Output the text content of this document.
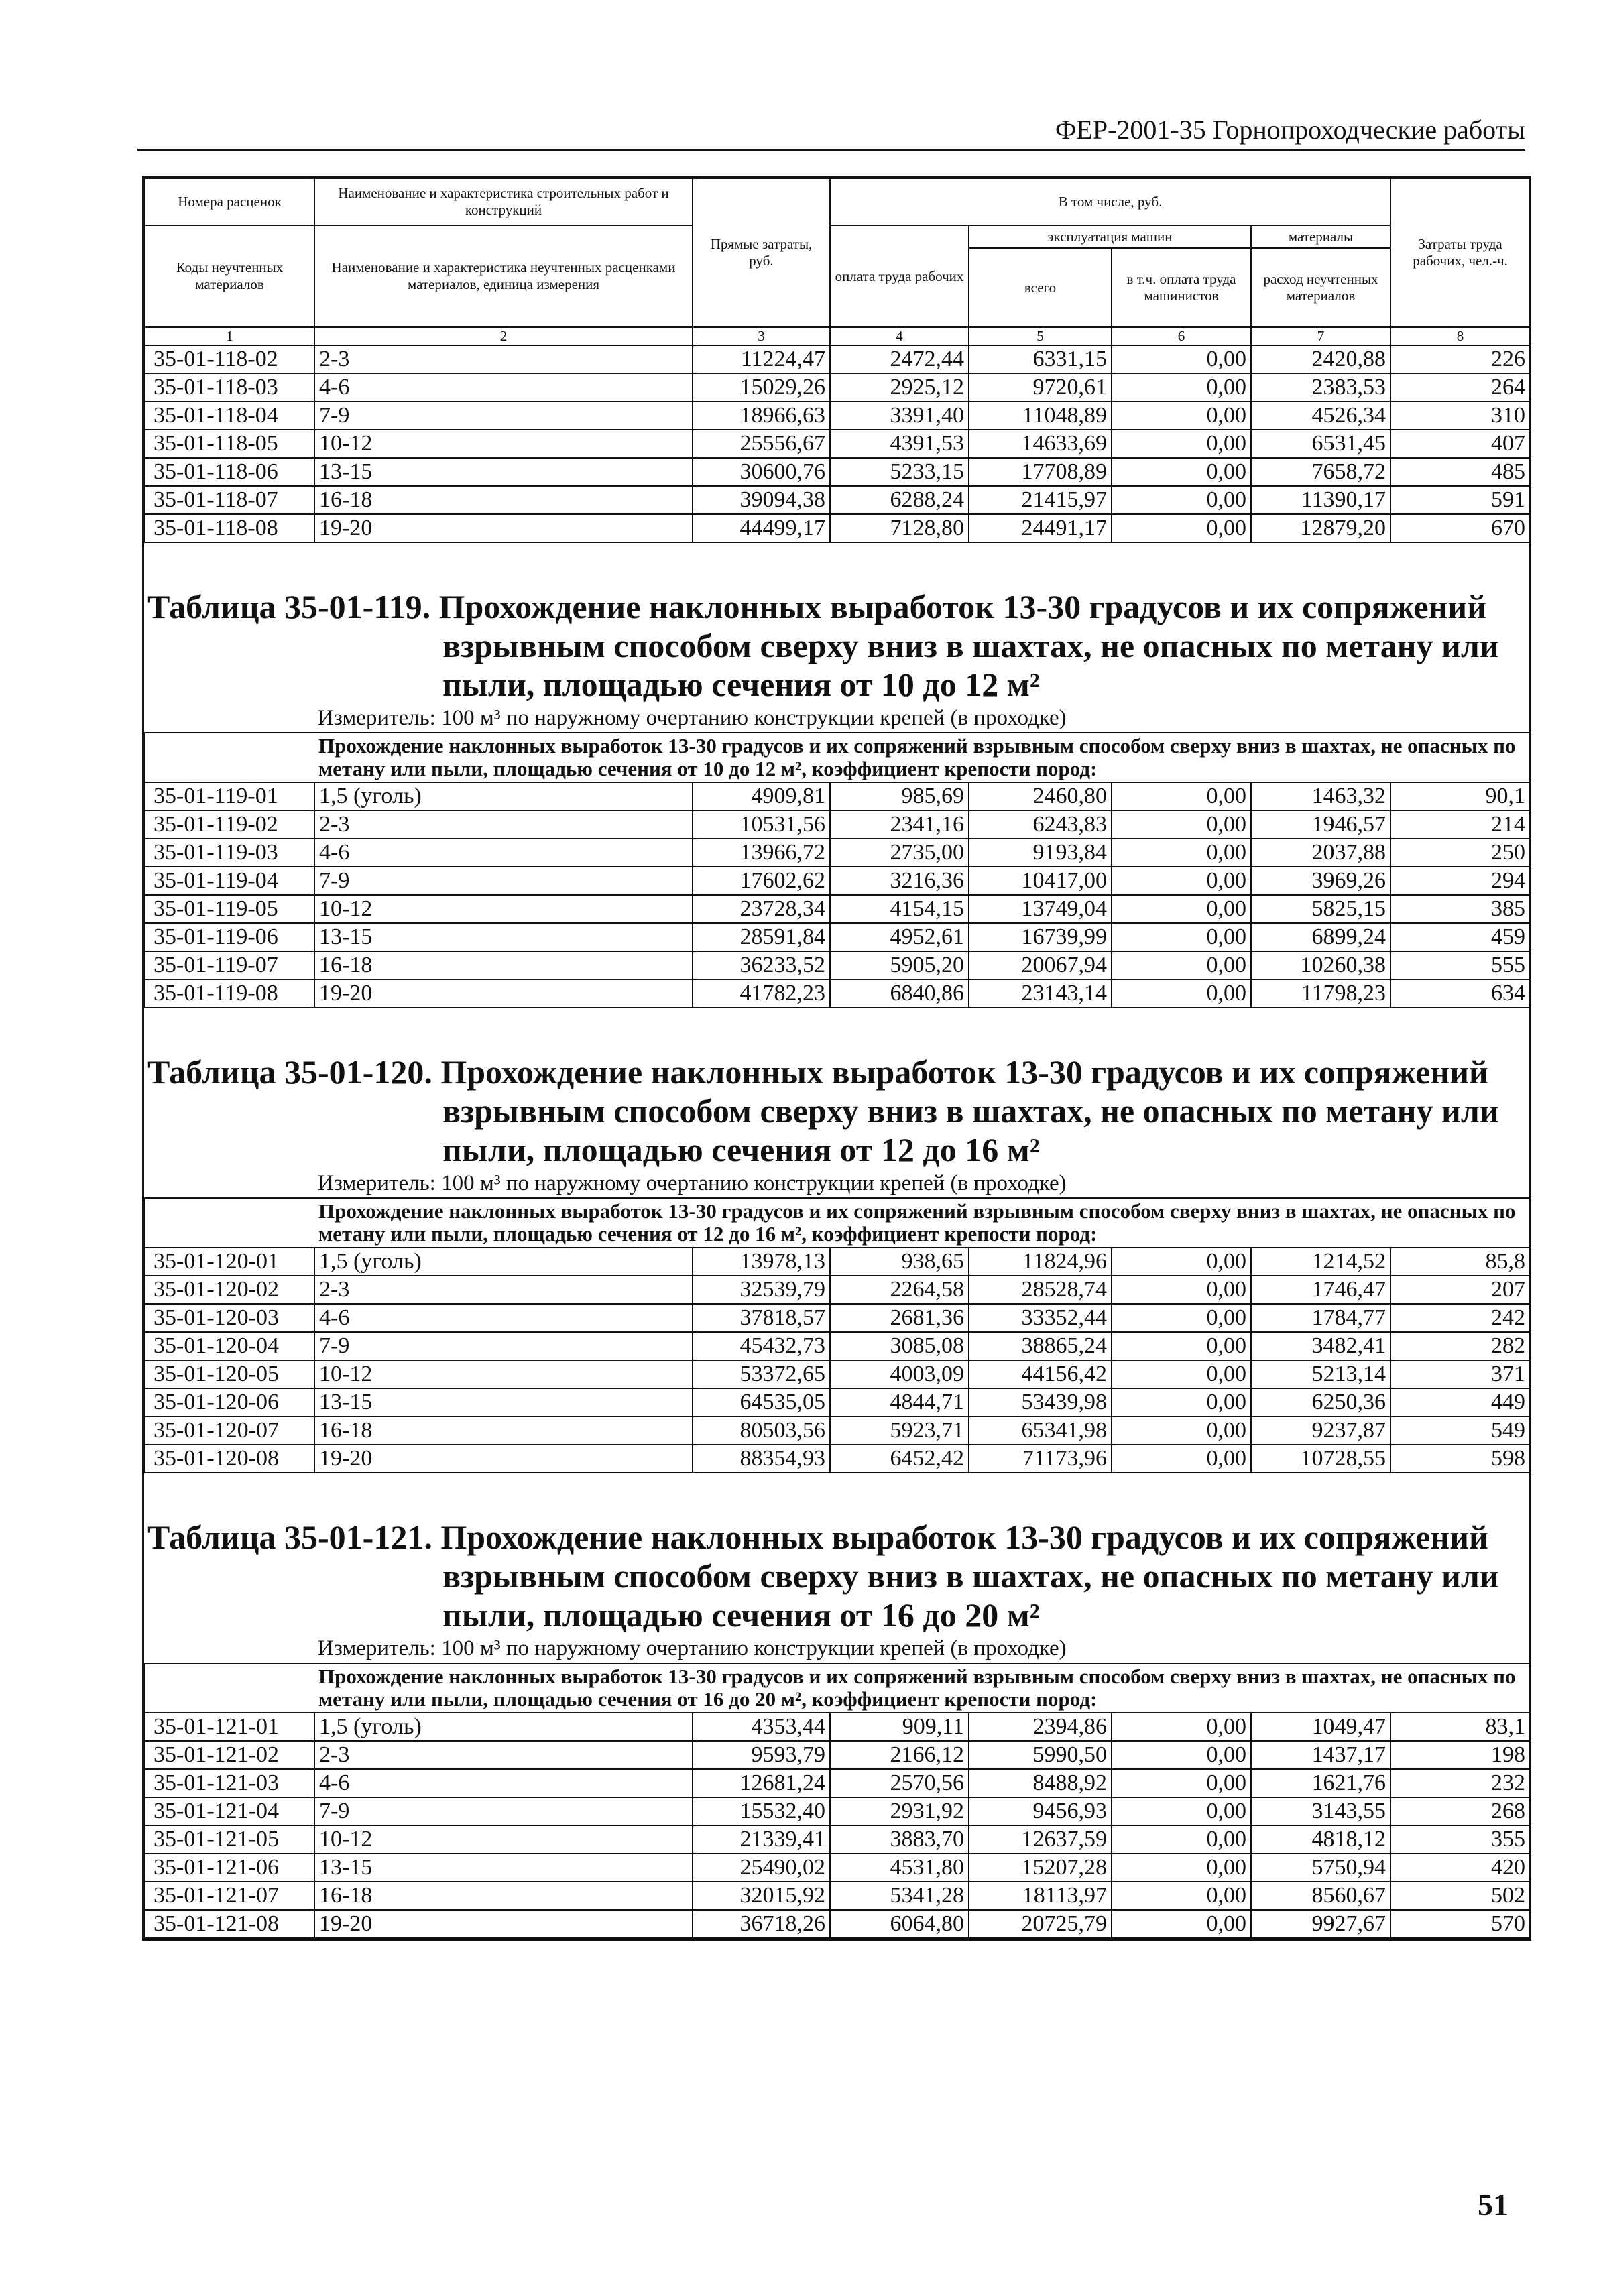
ФЕР-2001-35 Горнопроходческие работы
Номера расценок	Наименование и характеристика строительных работ и конструкций	Прямые затраты, руб.	В том числе, руб.				Затраты труда рабочих, чел.-ч.
Коды неучтенных материалов	Наименование и характеристика неучтенных расценками материалов, единица измерения		оплата труда рабочих	эксплуатация машин		материалы	
				всего	в т.ч. оплата труда машинистов	расход неучтенных материалов	
1	2	3	4	5	6	7	8
35-01-118-02	2-3	11224,47	2472,44	6331,15	0,00	2420,88	226
35-01-118-03	4-6	15029,26	2925,12	9720,61	0,00	2383,53	264
35-01-118-04	7-9	18966,63	3391,40	11048,89	0,00	4526,34	310
35-01-118-05	10-12	25556,67	4391,53	14633,69	0,00	6531,45	407
35-01-118-06	13-15	30600,76	5233,15	17708,89	0,00	7658,72	485
35-01-118-07	16-18	39094,38	6288,24	21415,97	0,00	11390,17	591
35-01-118-08	19-20	44499,17	7128,80	24491,17	0,00	12879,20	670

Таблица 35-01-119. Прохождение наклонных выработок 13-30 градусов и их сопряжений
взрывным способом сверху вниз в шахтах, не опасных по метану или
пыли, площадью сечения от 10 до 12 м²							

Измеритель: 100 м³ по наружному очертанию конструкции крепей (в проходке)							
	Прохождение наклонных выработок 13-30 градусов и их сопряжений взрывным способом сверху вниз в шахтах, не опасных по метану или пыли, площадью сечения от 10 до 12 м², коэффициент крепости пород:						
35-01-119-01	1,5 (уголь)	4909,81	985,69	2460,80	0,00	1463,32	90,1
35-01-119-02	2-3	10531,56	2341,16	6243,83	0,00	1946,57	214
35-01-119-03	4-6	13966,72	2735,00	9193,84	0,00	2037,88	250
35-01-119-04	7-9	17602,62	3216,36	10417,00	0,00	3969,26	294
35-01-119-05	10-12	23728,34	4154,15	13749,04	0,00	5825,15	385
35-01-119-06	13-15	28591,84	4952,61	16739,99	0,00	6899,24	459
35-01-119-07	16-18	36233,52	5905,20	20067,94	0,00	10260,38	555
35-01-119-08	19-20	41782,23	6840,86	23143,14	0,00	11798,23	634

Таблица 35-01-120. Прохождение наклонных выработок 13-30 градусов и их сопряжений
взрывным способом сверху вниз в шахтах, не опасных по метану или
пыли, площадью сечения от 12 до 16 м²							

Измеритель: 100 м³ по наружному очертанию конструкции крепей (в проходке)							
	Прохождение наклонных выработок 13-30 градусов и их сопряжений взрывным способом сверху вниз в шахтах, не опасных по метану или пыли, площадью сечения от 12 до 16 м², коэффициент крепости пород:						
35-01-120-01	1,5 (уголь)	13978,13	938,65	11824,96	0,00	1214,52	85,8
35-01-120-02	2-3	32539,79	2264,58	28528,74	0,00	1746,47	207
35-01-120-03	4-6	37818,57	2681,36	33352,44	0,00	1784,77	242
35-01-120-04	7-9	45432,73	3085,08	38865,24	0,00	3482,41	282
35-01-120-05	10-12	53372,65	4003,09	44156,42	0,00	5213,14	371
35-01-120-06	13-15	64535,05	4844,71	53439,98	0,00	6250,36	449
35-01-120-07	16-18	80503,56	5923,71	65341,98	0,00	9237,87	549
35-01-120-08	19-20	88354,93	6452,42	71173,96	0,00	10728,55	598

Таблица 35-01-121. Прохождение наклонных выработок 13-30 градусов и их сопряжений
взрывным способом сверху вниз в шахтах, не опасных по метану или
пыли, площадью сечения от 16 до 20 м²							

Измеритель: 100 м³ по наружному очертанию конструкции крепей (в проходке)							
	Прохождение наклонных выработок 13-30 градусов и их сопряжений взрывным способом сверху вниз в шахтах, не опасных по метану или пыли, площадью сечения от 16 до 20 м², коэффициент крепости пород:						
35-01-121-01	1,5 (уголь)	4353,44	909,11	2394,86	0,00	1049,47	83,1
35-01-121-02	2-3	9593,79	2166,12	5990,50	0,00	1437,17	198
35-01-121-03	4-6	12681,24	2570,56	8488,92	0,00	1621,76	232
35-01-121-04	7-9	15532,40	2931,92	9456,93	0,00	3143,55	268
35-01-121-05	10-12	21339,41	3883,70	12637,59	0,00	4818,12	355
35-01-121-06	13-15	25490,02	4531,80	15207,28	0,00	5750,94	420
35-01-121-07	16-18	32015,92	5341,28	18113,97	0,00	8560,67	502
35-01-121-08	19-20	36718,26	6064,80	20725,79	0,00	9927,67	570
51
